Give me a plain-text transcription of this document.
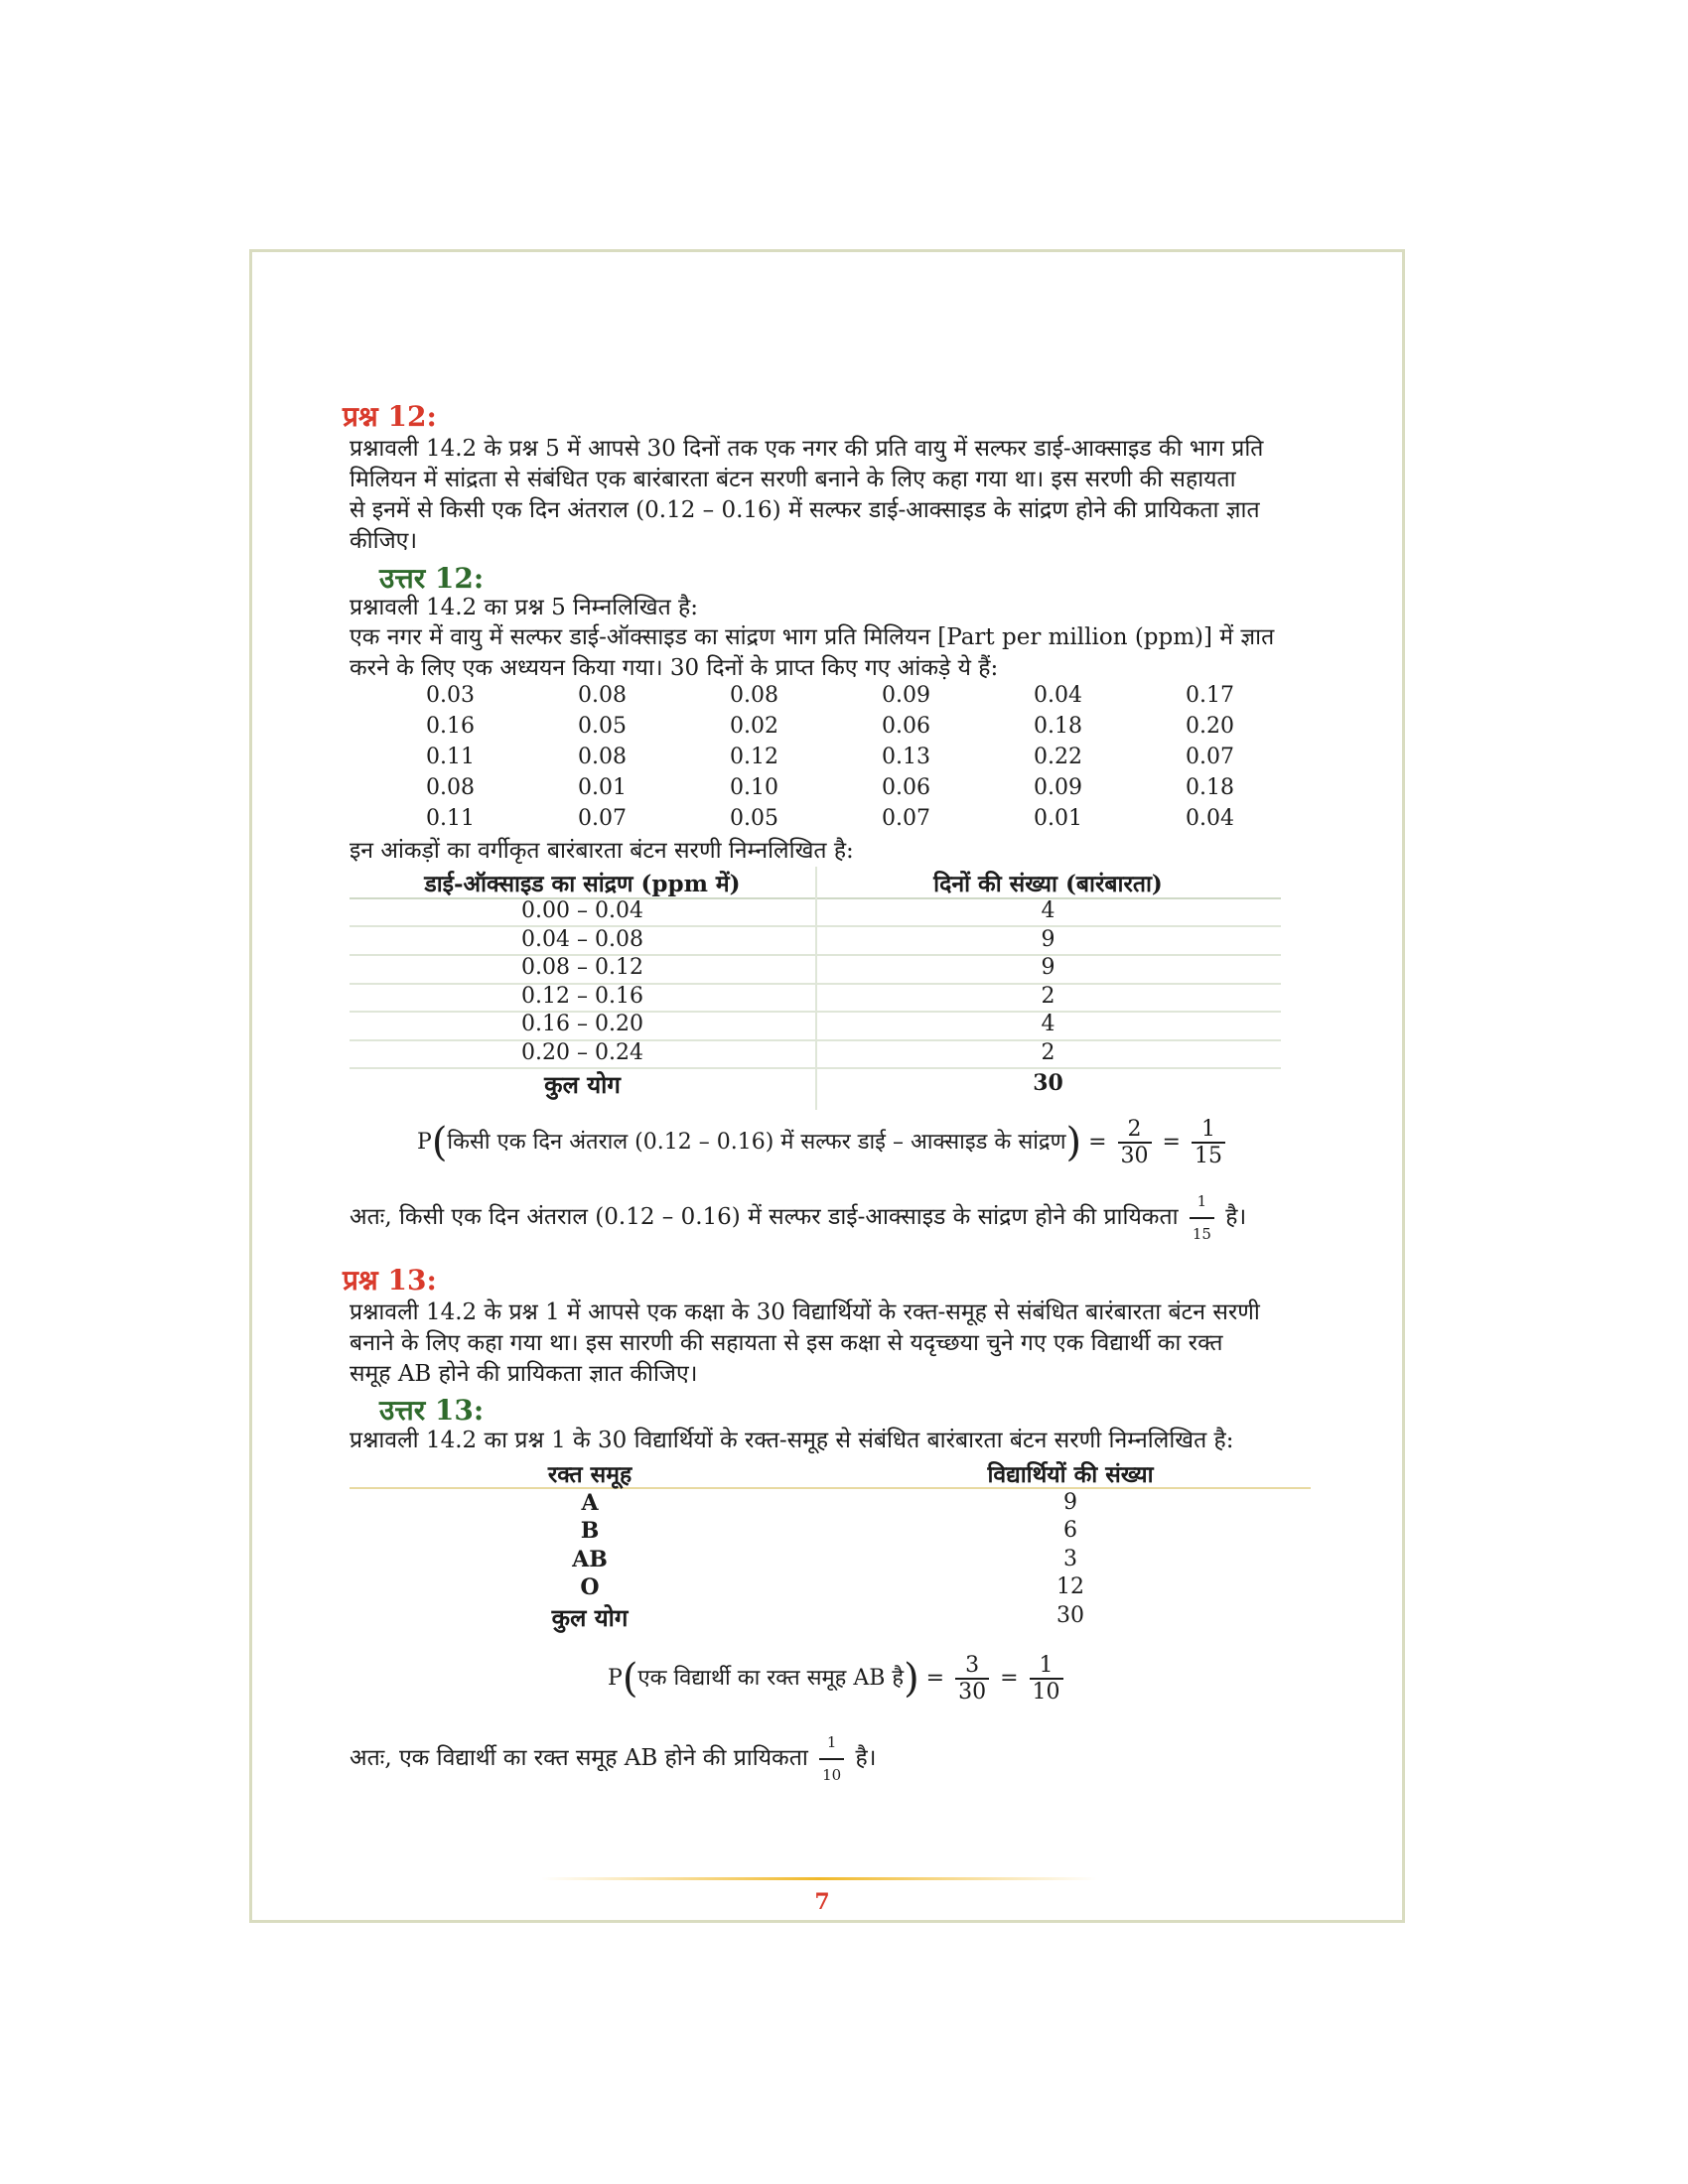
प्रश्न 12:
प्रश्नावली 14.2 के प्रश्न 5 में आपसे 30 दिनों तक एक नगर की प्रति वायु में सल्फर डाई-आक्साइड की भाग प्रति
मिलियन में सांद्रता से संबंधित एक बारंबारता बंटन सरणी बनाने के लिए कहा गया था। इस सरणी की सहायता
से इनमें से किसी एक दिन अंतराल (0.12 – 0.16) में सल्फर डाई-आक्साइड के सांद्रण होने की प्रायिकता ज्ञात
कीजिए।
उत्तर 12:
प्रश्नावली 14.2 का प्रश्न 5 निम्नलिखित है:
एक नगर में वायु में सल्फर डाई-ऑक्साइड का सांद्रण भाग प्रति मिलियन [Part per million (ppm)] में ज्ञात
करने के लिए एक अध्ययन किया गया। 30 दिनों के प्राप्त किए गए आंकड़े ये हैं:
0.03	0.08	0.08	0.09	0.04	0.17
0.16	0.05	0.02	0.06	0.18	0.20
0.11	0.08	0.12	0.13	0.22	0.07
0.08	0.01	0.10	0.06	0.09	0.18
0.11	0.07	0.05	0.07	0.01	0.04
इन आंकड़ों का वर्गीकृत बारंबारता बंटन सरणी निम्नलिखित है:
डाई-ऑक्साइड का सांद्रण (ppm में)	दिनों की संख्या (बारंबारता)
0.00 – 0.04	4
0.04 – 0.08	9
0.08 – 0.12	9
0.12 – 0.16	2
0.16 – 0.20	4
0.20 – 0.24	2
कुल योग	30
P(किसी एक दिन अंतराल (0.12 – 0.16) में सल्फर डाई – आक्साइड के सांद्रण) = $\frac{2}{30} = \frac{1}{15}$
अतः, किसी एक दिन अंतराल (0.12 – 0.16) में सल्फर डाई-आक्साइड के सांद्रण होने की प्रायिकता $\frac{1}{15}$ है।
प्रश्न 13:
प्रश्नावली 14.2 के प्रश्न 1 में आपसे एक कक्षा के 30 विद्यार्थियों के रक्त-समूह से संबंधित बारंबारता बंटन सरणी
बनाने के लिए कहा गया था। इस सारणी की सहायता से इस कक्षा से यदृच्छया चुने गए एक विद्यार्थी का रक्त
समूह AB होने की प्रायिकता ज्ञात कीजिए।
उत्तर 13:
प्रश्नावली 14.2 का प्रश्न 1 के 30 विद्यार्थियों के रक्त-समूह से संबंधित बारंबारता बंटन सरणी निम्नलिखित है:
रक्त समूह	विद्यार्थियों की संख्या
A	9
B	6
AB	3
O	12
कुल योग	30
P(एक विद्यार्थी का रक्त समूह AB है) = $\frac{3}{30} = \frac{1}{10}$
अतः, एक विद्यार्थी का रक्त समूह AB होने की प्रायिकता $\frac{1}{10}$ है।
7
